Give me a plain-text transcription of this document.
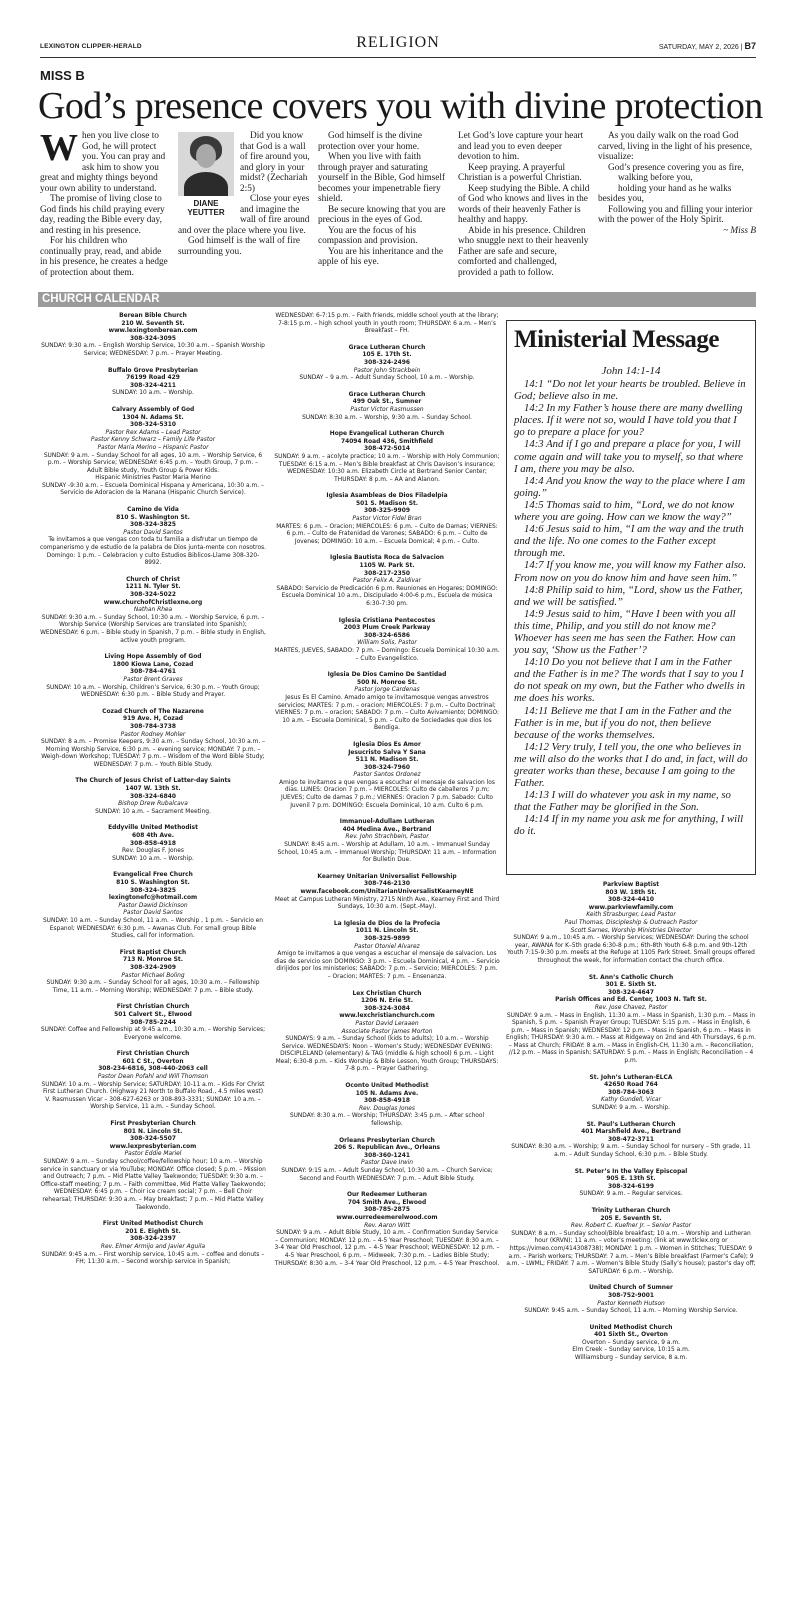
LEXINGTON CLIPPER-HERALD	RELIGION	SATURDAY, MAY 2, 2026 | B7
MISS B
God’s presence covers you with divine protection
W hen you live close to God, he will protect you. You can pray and ask him to show you great and mighty things beyond your own ability to understand.

The promise of living close to God finds his child praying every day, reading the Bible every day, and resting in his presence.

For his children who continually pray, read, and abide in his presence, he creates a hedge of protection about them.

DIANE YEUTTER

Did you know that God is a wall of fire around you, and glory in your midst? (Zechariah 2:5)

Close your eyes and imagine the wall of fire around and over the place where you live.

God himself is the wall of fire surrounding you.

God himself is the divine protection over your home.

When you live with faith through prayer and saturating yourself in the Bible, God himself becomes your impenetrable fiery shield.

Be secure knowing that you are precious in the eyes of God.

You are the focus of his compassion and provision.

You are his inheritance and the apple of his eye.

Let God’s love capture your heart and lead you to even deeper devotion to him.

Keep praying. A prayerful Christian is a powerful Christian.

Keep studying the Bible. A child of God who knows and lives in the words of their heavenly Father is healthy and happy.

Abide in his presence. Children who snuggle next to their heavenly Father are safe and secure, comforted and challenged, provided a path to follow.

As you daily walk on the road God carved, living in the light of his presence, visualize:

God’s presence covering you as fire,

walking before you,

holding your hand as he walks besides you,

Following you and filling your interior with the power of the Holy Spirit.

~ Miss B

CHURCH CALENDAR
Berean Bible Church
210 W. Seventh St.
www.lexingtonberean.com
308-324-3095
SUNDAY: 9:30 a.m. – English Worship Service, 10:30 a.m. – Spanish Worship Service; WEDNESDAY: 7 p.m. – Prayer Meeting.
Buffalo Grove Presbyterian
76199 Road 429
308-324-4211
SUNDAY: 10 a.m. – Worship.
Calvary Assembly of God
1304 N. Adams St.
308-324-5310
Pastor Rex Adams – Lead Pastor
Pastor Kenny Schwarz – Family Life Pastor
Pastor Maria Merino – Hispanic Pastor
SUNDAY: 9 a.m. – Sunday School for all ages, 10 a.m. – Worship Service, 6 p.m. – Worship Service; WEDNESDAY: 6:45 p.m. – Youth Group, 7 p.m. – Adult Bible study, Youth Group & Power Kids.
Hispanic Ministries Pastor Maria Merino
SUNDAY -9:30 a.m. – Escuela Dominical Hispana y Americana, 10:30 a.m. – Servicio de Adoracion de la Manana (Hispanic Church Service).
Camino de Vida
810 S. Washington St.
308-324-3825
Pastor David Santos
Te invitamos a que vengas con toda tu familia a disfrutar un tiempo de companerismo y de estudio de la palabra de Dios junta-mente con nosotros. Domingo: 1 p.m. – Celebracion y culto Estudios Biblicos-Llame 308-320-8992.
Church of Christ
1211 N. Tyler St.
308-324-5022
www.churchofChristlexne.org
Nathan Rhea
SUNDAY: 9:30 a.m. – Sunday School, 10:30 a.m. – Worship Service, 6 p.m. – Worship Service (Worship Services are translated into Spanish); WEDNESDAY: 6 p.m. – Bible study in Spanish, 7 p.m. – Bible study in English, active youth program.
Living Hope Assembly of God
1800 Kiowa Lane, Cozad
308-784-4761
Pastor Brent Graves
SUNDAY: 10 a.m. – Worship, Children’s Service, 6:30 p.m. – Youth Group; WEDNESDAY: 6:30 p.m. – Bible Study and Prayer.
Cozad Church of The Nazarene
919 Ave. H, Cozad
308-784-3738
Pastor Rodney Mohler
SUNDAY: 8 a.m. – Promise Keepers, 9:30 a.m. – Sunday School, 10:30 a.m. – Morning Worship Service, 6:30 p.m. – evening service; MONDAY: 7 p.m. – Weigh-down Workshop; TUESDAY: 7 p.m. – Wisdom of the Word Bible Study; WEDNESDAY: 7 p.m. – Youth Bible Study.
The Church of Jesus Christ of Latter-day Saints
1407 W. 13th St.
308-324-6840
Bishop Drew Rubalcava
SUNDAY: 10 a.m. – Sacrament Meeting.
Eddyville United Methodist
608 4th Ave.
308-858-4918
Rev. Douglas F. Jones
SUNDAY: 10 a.m. – Worship.
Evangelical Free Church
810 S. Washington St.
308-324-3825
lexingtonefc@hotmail.com
Pastor Dawid Dickinson
Pastor David Santos
SUNDAY: 10 a.m. – Sunday School, 11 a.m. – Worship , 1 p.m. – Servicio en Espanol; WEDNESDAY: 6:30 p.m. – Awanas Club. For small group Bible Studies, call for information.
First Baptist Church
713 N. Monroe St.
308-324-2909
Pastor Michael Boling
SUNDAY: 9:30 a.m. – Sunday School for all ages, 10:30 a.m. – Fellowship Time, 11 a.m. – Morning Worship; WEDNESDAY: 7 p.m. – Bible study.
First Christian Church
501 Calvert St., Elwood
308-785-2244
SUNDAY: Coffee and Fellowship at 9:45 a.m., 10:30 a.m. – Worship Services; Everyone welcome.
First Christian Church
601 C St., Overton
308-234-6816, 308-440-2063 cell
Pastor Dean Pofahl and Will Thomson
SUNDAY: 10 a.m. – Worship Service; SATURDAY: 10-11 a.m. – Kids For Christ First Lutheran Church. (Highway 21 North to Buffalo Road., 4.5 miles west) V. Rasmussen Vicar – 308-627-6263 or 308-893-3331; SUNDAY: 10 a.m. – Worship Service, 11 a.m. – Sunday School.
First Presbyterian Church
801 N. Lincoln St.
308-324-5507
www.lexpresbyterian.com
Pastor Eddie Mariel
SUNDAY: 9 a.m. – Sunday school/coffee/fellowship hour; 10 a.m. – Worship service in sanctuary or via YouTube; MONDAY: Office closed; 5 p.m. – Mission and Outreach; 7 p.m. – Mid Platte Valley Taekwondo; TUESDAY: 9:30 a.m. – Office-staff meeting; 7 p.m. – Faith committee, Mid Platte Valley Taekwondo; WEDNESDAY: 6:45 p.m. – Choir ice cream social; 7 p.m. – Bell Choir rehearsal; THURSDAY: 9:30 a.m. – May breakfast; 7 p.m. – Mid Platte Valley Taekwondo.
First United Methodist Church
201 E. Eighth St.
308-324-2397
Rev. Elmer Armijo and Javier Aguila
SUNDAY: 9:45 a.m. – First worship service, 10:45 a.m. – coffee and donuts – FH; 11:30 a.m. – Second worship service in Spanish;
WEDNESDAY: 6-7:15 p.m. – Faith friends, middle school youth at the library; 7-8:15 p.m. – high school youth in youth room; THURSDAY: 6 a.m. – Men’s Breakfast – FH.
Grace Lutheran Church
105 E. 17th St.
308-324-2496
Pastor John Strackbein
SUNDAY – 9 a.m. – Adult Sunday School, 10 a.m. – Worship.
Grace Lutheran Church
499 Oak St., Sumner
Pastor Victor Rasmussen
SUNDAY: 8:30 a.m. – Worship, 9:30 a.m. – Sunday School.
Hope Evangelical Lutheran Church
74094 Road 436, Smithfield
308-472-5014
SUNDAY: 9 a.m. – acolyte practice; 10 a.m. – Worship with Holy Communion; TUESDAY: 6:15 a.m. – Men’s Bible breakfast at Chris Davison’s insurance; WEDNESDAY: 10:30 a.m. Elizabeth Circle at Bertrand Senior Center; THURSDAY: 8 p.m. – AA and Alanon.
Iglesia Asambleas de Dios Filadelpia
501 S. Madison St.
308-325-9909
Pastor Victor Fidel Bran
MARTES: 6 p.m. – Oracion; MIERCOLES: 6 p.m. – Culto de Damas; VIERNES: 6 p.m. – Culto de Fratenidad de Varones; SABADO: 6 p.m. – Culto de Jovenes; DOMINGO: 10 a.m. – Escuela Domical; 4 p.m. – Culto.
Iglesia Bautista Roca de Salvacion
1105 W. Park St.
308-217-2350
Pastor Felix A. Zaldivar
SABADO: Servicio de Predicación 6 p.m. Reuniones en Hogares; DOMINGO: Escuela Dominical 10 a.m., Discipulado 4:00-6 p.m., Escuela de música 6:30-7:30 pm.
Iglesia Cristiana Pentecostes
2003 Plum Creek Parkway
308-324-6586
William Solis, Pastor
MARTES, JUEVES, SABADO: 7 p.m. – Domingo: Escuela Dominical 10:30 a.m. – Culto Evangelistico.
Iglesia De Dios Camino De Santidad
500 N. Monroe St.
Pastor Jorge Cardenas
Jesus Es El Camino. Amado amigo te invitamosque vengas anvestros servicios; MARTES: 7 p.m. – oracion; MIERCOLES: 7 p.m. – Culto Doctrinal; VIERNES: 7 p.m. – oracion; SABADO: 7 p.m. – Culto Avivamiento; DOMINGO: 10 a.m. – Escuela Dominical, 5 p.m. – Culto de Sociedades que dios los Bendiga.
Iglesia Dios Es Amor
Jesucristo Salva Y Sana
511 N. Madison St.
308-324-7960
Pastor Santos Ordonez
Amigo te invitamos a que vengas a escuchar el mensaje de salvacion los dias. LUNES: Oracion 7 p.m. – MIERCOLES: Culto de caballeros 7 p.m; JUEVES; Culto de damas 7 p.m.; VIERNES: Oracion 7 p.m. Sabado: Culto Juvenil 7 p.m. DOMINGO: Escuela Dominical, 10 a.m. Culto 6 p.m.
Immanuel-Adullam Lutheran
404 Medina Ave., Bertrand
Rev. John Strachbein, Pastor
SUNDAY: 8:45 a.m. – Worship at Adullam, 10 a.m. – Immanuel Sunday School, 10:45 a.m. – Immanuel Worship; THURSDAY: 11 a.m. – Information for Bulletin Due.
Kearney Unitarian Universalist Fellowship
308-746-2130
www.facebook.com/UnitarianUniversalistKearneyNE
Meet at Campus Lutheran Ministry, 2715 Ninth Ave., Kearney First and Third Sundays, 10:30 a.m. (Sept.-May).
La Iglesia de Dios de la Profecia
1011 N. Lincoln St.
308-325-9899
Pastor Otoniel Alvarez
Amigo te invitamos a que vengas a escuchar el mensaje de salvacion. Los dias de servicio son DOMINGO: 3 p.m. – Escuela Dominical, 4 p.m. – Servicio dirijidos por los ministerios; SABADO: 7 p.m. – Servicio; MIERCOLES: 7 p.m. – Oracion; MARTES: 7 p.m. – Ensenanza.
Lex Christian Church
1206 N. Erie St.
308-324-3084
www.lexchristianchurch.com
Pastor David Leraaen
Associate Pastor James Morton
SUNDAYS: 9 a.m. – Sunday School (kids to adults); 10 a.m. – Worship Service. WEDNESDAYS: Noon – Women’s Study; WEDNESDAY EVENING: DISCIPLELAND (elementary) & TAG (middle & high school) 6 p.m. – Light Meal; 6:30-8 p.m. – Kids Worship & Bible Lesson, Youth Group; THURSDAYS: 7-8 p.m. – Prayer Gathering.
Oconto United Methodist
105 N. Adams Ave.
308-858-4918
Rev. Douglas Jones
SUNDAY: 8:30 a.m. – Worship; THURSDAY: 3:45 p.m. – After school fellowship.
Orleans Presbyterian Church
206 S. Republican Ave., Orleans
308-360-1241
Pastor Dave Irwin
SUNDAY: 9:15 a.m. – Adult Sunday School, 10:30 a.m. – Church Service; Second and Fourth WEDNESDAY: 7 p.m. – Adult Bible Study.
Our Redeemer Lutheran
704 Smith Ave., Elwood
308-785-2875
www.ourredeemerelwood.com
Rev. Aaron Witt
SUNDAY: 9 a.m. – Adult Bible Study, 10 a.m. – Confirmation Sunday Service – Communion; MONDAY: 12 p.m. – 4-5 Year Preschool; TUESDAY: 8:30 a.m. – 3-4 Year Old Preschool, 12 p.m. – 4-5 Year Preschool; WEDNESDAY: 12 p.m. – 4-5 Year Preschool, 6 p.m. – Midweek, 7:30 p.m. – Ladies Bible Study; THURSDAY: 8:30 a.m. – 3-4 Year Old Preschool, 12 p.m. – 4-5 Year Preschool.
Parkview Baptist
803 W. 18th St.
308-324-4410
www.parkviewfamily.com
Keith Strasburger, Lead Pastor
Paul Thomas, Discipleship & Outreach Pastor
Scott Sarnes, Worship Ministries Director
SUNDAY: 9 a.m., 10:45 a.m. – Worship Services; WEDNESDAY: During the school year, AWANA for K–5th grade 6:30-8 p.m.; 6th-8th Youth 6-8 p.m. and 9th-12th Youth 7:15-9:30 p.m. meets at the Refuge at 1105 Park Street. Small groups offered throughout the week, for information contact the church office.
St. Ann’s Catholic Church
301 E. Sixth St.
308-324-4647
Parish Offices and Ed. Center, 1003 N. Taft St.
Rev. Jose Chavez, Pastor
SUNDAY: 9 a.m. – Mass in English, 11:30 a.m. – Mass in Spanish, 1:30 p.m. – Mass in Spanish, 5 p.m. – Spanish Prayer Group; TUESDAY: 5:15 p.m. – Mass in English, 6 p.m. – Mass in Spanish; WEDNESDAY: 12 p.m. – Mass in Spanish, 6 p.m. – Mass in English; THURSDAY: 9:30 a.m. – Mass at Ridgeway on 2nd and 4th Thursdays, 6 p.m. – Mass at Church; FRIDAY: 8 a.m. – Mass in English-CH, 11:30 a.m. – Reconciliation, //12 p.m. – Mass in Spanish; SATURDAY: 5 p.m. – Mass in English; Reconciliation – 4 p.m.
St. John’s Lutheran-ELCA
42650 Road 764
308-784-3063
Kathy Gundell, Vicar
SUNDAY: 9 a.m. – Worship.
St. Paul’s Lutheran Church
401 Marshfield Ave., Bertrand
308-472-3711
SUNDAY: 8:30 a.m. – Worship; 9 a.m. – Sunday School for nursery – 5th grade, 11 a.m. – Adult Sunday School, 6:30 p.m. – Bible Study.
St. Peter’s In the Valley Episcopal
905 E. 13th St.
308-324-6199
SUNDAY: 9 a.m. – Regular services.
Trinity Lutheran Church
205 E. Seventh St.
Rev. Robert C. Kuefner Jr. – Senior Pastor
SUNDAY: 8 a.m. – Sunday school/Bible breakfast; 10 a.m. – Worship and Lutheran hour (KRVN); 11 a.m. – voter’s meeting; (link at www.tlclex.org or https://vimeo.com/414308738); MONDAY: 1 p.m. – Women in Stitches; TUESDAY: 9 a.m. – Parish workers; THURSDAY: 7 a.m. – Men’s Bible breakfast (Farmer’s Cafe); 9 a.m. – LWML; FRIDAY: 7 a.m. – Women’s Bible Study (Sally’s house); pastor’s day off; SATURDAY: 6 p.m. – Worship.
United Church of Sumner
308-752-9001
Pastor Kenneth Hutson
SUNDAY: 9:45 a.m. – Sunday School, 11 a.m. – Morning Worship Service.
United Methodist Church
401 Sixth St., Overton
Overton – Sunday service, 9 a.m.
Elm Creek – Sunday service, 10:15 a.m.
Williamsburg – Sunday service, 8 a.m.
Ministerial Message
John 14:1-14

14:1 “Do not let your hearts be troubled. Believe in God; believe also in me.

14:2 In my Father’s house there are many dwelling places. If it were not so, would I have told you that I go to prepare a place for you?

14:3 And if I go and prepare a place for you, I will come again and will take you to myself, so that where I am, there you may be also.

14:4 And you know the way to the place where I am going.”

14:5 Thomas said to him, “Lord, we do not know where you are going. How can we know the way?”

14:6 Jesus said to him, “I am the way and the truth and the life. No one comes to the Father except through me.

14:7 If you know me, you will know my Father also. From now on you do know him and have seen him.”

14:8 Philip said to him, “Lord, show us the Father, and we will be satisfied.”

14:9 Jesus said to him, “Have I been with you all this time, Philip, and you still do not know me? Whoever has seen me has seen the Father. How can you say, ‘Show us the Father’?

14:10 Do you not believe that I am in the Father and the Father is in me? The words that I say to you I do not speak on my own, but the Father who dwells in me does his works.

14:11 Believe me that I am in the Father and the Father is in me, but if you do not, then believe because of the works themselves.

14:12 Very truly, I tell you, the one who believes in me will also do the works that I do and, in fact, will do greater works than these, because I am going to the Father.

14:13 I will do whatever you ask in my name, so that the Father may be glorified in the Son.

14:14 If in my name you ask me for anything, I will do it.
